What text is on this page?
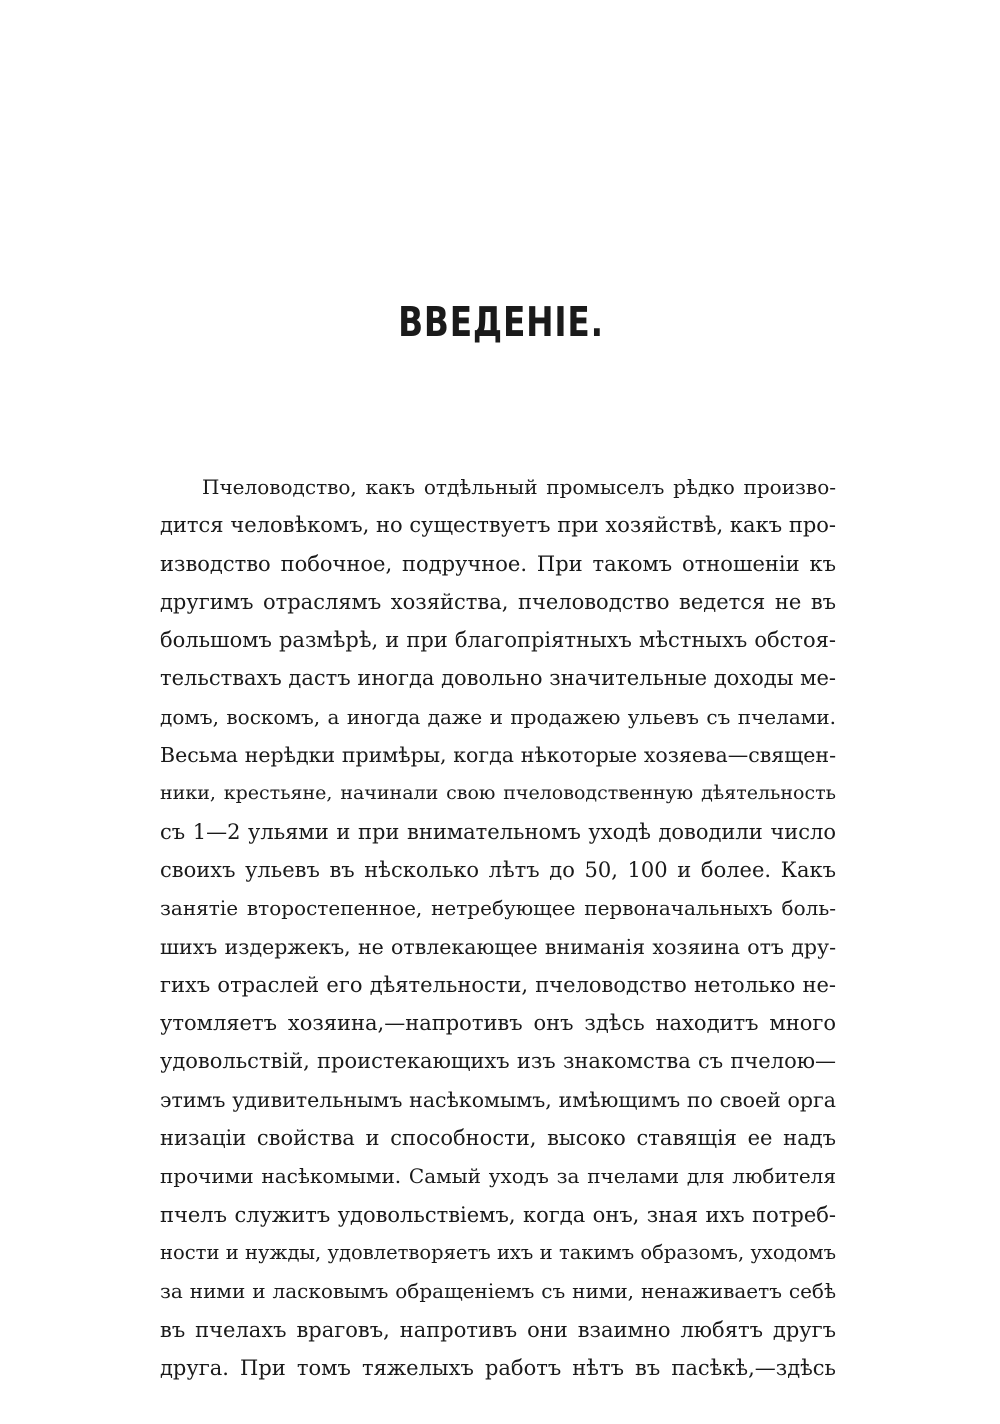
ВВЕДЕНІЕ.
Пчеловодство, какъ отдѣльный промыселъ рѣдко произво-
дится человѣкомъ, но существуетъ при хозяйствѣ, какъ про-
изводство побочное, подручное. При такомъ отношеніи къ
другимъ отраслямъ хозяйства, пчеловодство ведется не въ
большомъ размѣрѣ, и при благопріятныхъ мѣстныхъ обстоя-
тельствахъ дастъ иногда довольно значительные доходы ме-
домъ, воскомъ, а иногда даже и продажею ульевъ съ пчелами.
Весьма нерѣдки примѣры, когда нѣкоторые хозяева—священ-
ники, крестьяне, начинали свою пчеловодственную дѣятельность
съ 1—2 ульями и при внимательномъ уходѣ доводили число
своихъ ульевъ въ нѣсколько лѣтъ до 50, 100 и более. Какъ
занятіе второстепенное, нетребующее первоначальныхъ боль-
шихъ издержекъ, не отвлекающее вниманія хозяина отъ дру-
гихъ отраслей его дѣятельности, пчеловодство нетолько не-
утомляетъ хозяина,—напротивъ онъ здѣсь находитъ много
удовольствій, проистекающихъ изъ знакомства съ пчелою—
этимъ удивительнымъ насѣкомымъ, имѣющимъ по своей орга
низаціи свойства и способности, высоко ставящія ее надъ
прочими насѣкомыми. Самый уходъ за пчелами для любителя
пчелъ служитъ удовольствіемъ, когда онъ, зная ихъ потреб-
ности и нужды, удовлетворяетъ ихъ и такимъ образомъ, уходомъ
за ними и ласковымъ обращеніемъ съ ними, ненаживаетъ себѣ
въ пчелахъ враговъ, напротивъ они взаимно любятъ другъ
друга. При томъ тяжелыхъ работъ нѣтъ въ пасѣкѣ,—здѣсь
